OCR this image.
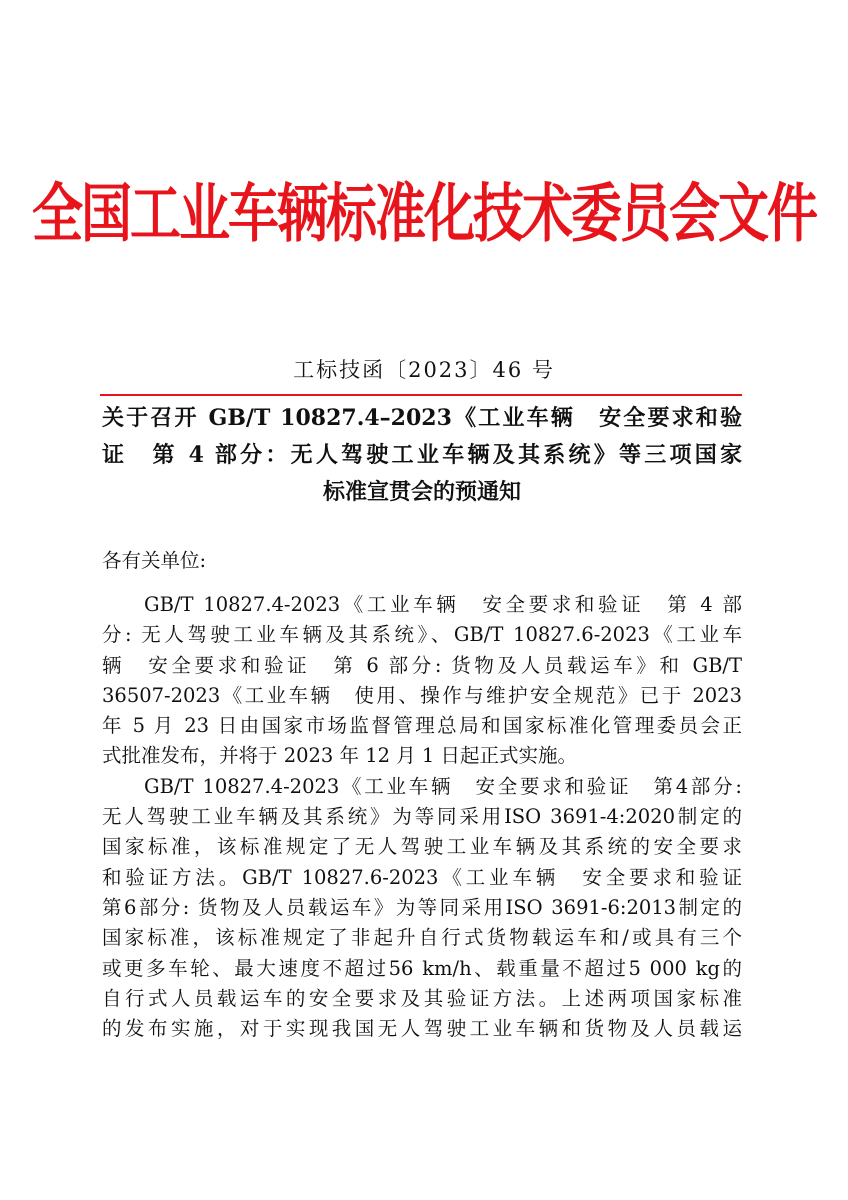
全国工业车辆标准化技术委员会文件
工标技函〔2023〕46 号
关于召开 GB/T 10827.4–2023《工业车辆　安全要求和验
证　第 4 部分：无人驾驶工业车辆及其系统》等三项国家
标准宣贯会的预通知
各有关单位:
GB/T 10827.4-2023《工业车辆　安全要求和验证　第 4 部
分: 无人驾驶工业车辆及其系统》、GB/T 10827.6-2023《工业车
辆　安全要求和验证　第 6 部分: 货物及人员载运车》和 GB/T
36507-2023《工业车辆　使用、操作与维护安全规范》已于 2023
年 5 月 23 日由国家市场监督管理总局和国家标准化管理委员会正
式批准发布，并将于 2023 年 12 月 1 日起正式实施。
GB/T 10827.4-2023《工业车辆　安全要求和验证　第4部分:
无人驾驶工业车辆及其系统》为等同采用ISO 3691-4:2020制定的
国家标准，该标准规定了无人驾驶工业车辆及其系统的安全要求
和验证方法。GB/T 10827.6-2023《工业车辆　安全要求和验证
第6部分: 货物及人员载运车》为等同采用ISO 3691-6:2013制定的
国家标准，该标准规定了非起升自行式货物载运车和/或具有三个
或更多车轮、最大速度不超过56 km/h、载重量不超过5 000 kg的
自行式人员载运车的安全要求及其验证方法。上述两项国家标准
的发布实施，对于实现我国无人驾驶工业车辆和货物及人员载运
